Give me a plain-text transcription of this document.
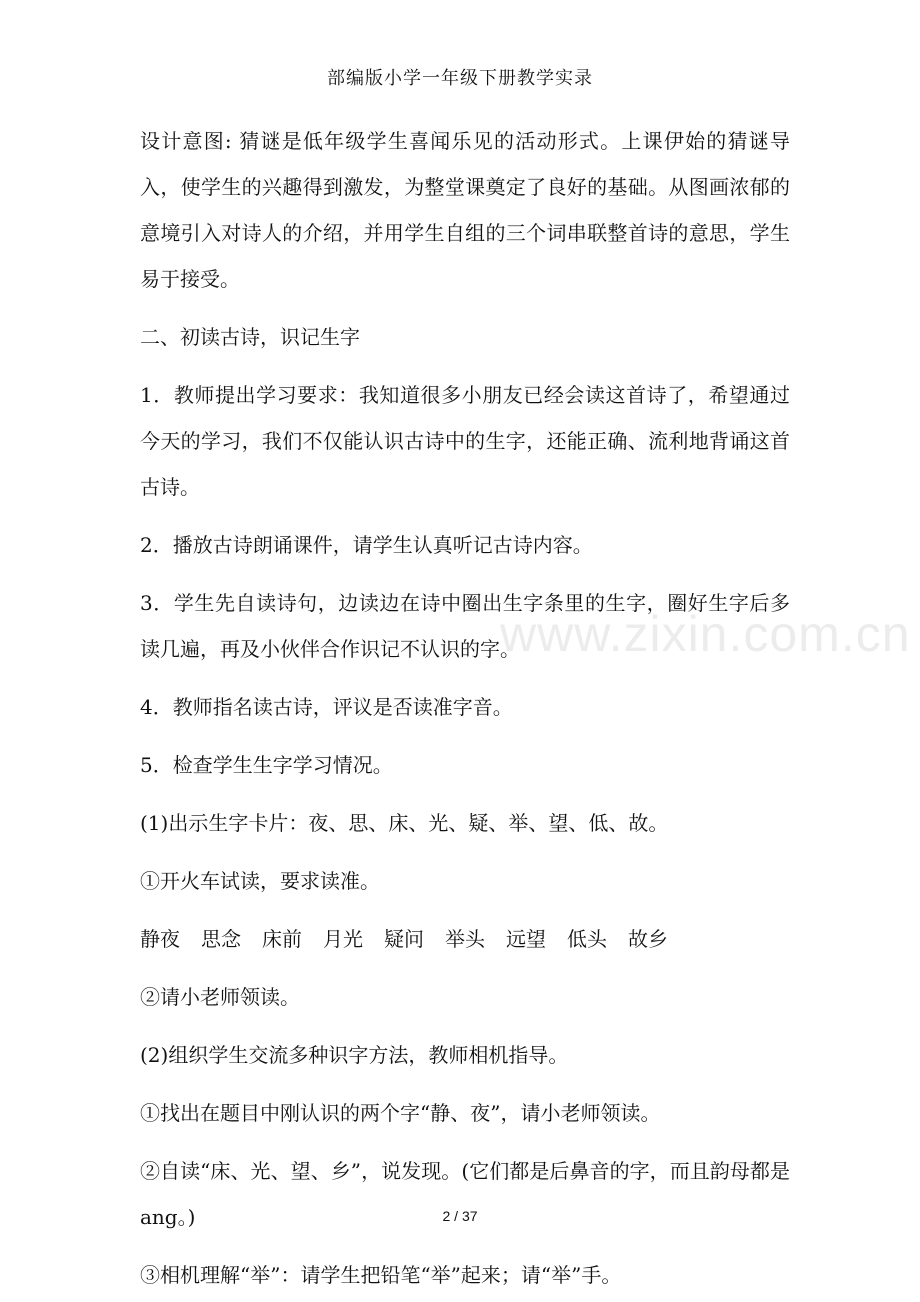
部编版小学一年级下册教学实录

设计意图: 猜谜是低年级学生喜闻乐见的活动形式。上课伊始的猜谜导入，使学生的兴趣得到激发，为整堂课奠定了良好的基础。从图画浓郁的意境引入对诗人的介绍，并用学生自组的三个词串联整首诗的意思，学生易于接受。

二、初读古诗，识记生字

1．教师提出学习要求：我知道很多小朋友已经会读这首诗了，希望通过今天的学习，我们不仅能认识古诗中的生字，还能正确、流利地背诵这首古诗。

2．播放古诗朗诵课件，请学生认真听记古诗内容。

3．学生先自读诗句，边读边在诗中圈出生字条里的生字，圈好生字后多读几遍，再及小伙伴合作识记不认识的字。

4．教师指名读古诗，评议是否读准字音。

5．检查学生生字学习情况。

(1)出示生字卡片：夜、思、床、光、疑、举、望、低、故。

①开火车试读，要求读准。

静夜 思念 床前 月光 疑问 举头 远望 低头 故乡

②请小老师领读。

(2)组织学生交流多种识字方法，教师相机指导。

①找出在题目中刚认识的两个字“静、夜”，请小老师领读。

②自读“床、光、望、乡”，说发现。(它们都是后鼻音的字，而且韵母都是ang。)

③相机理解“举”：请学生把铅笔“举”起来；请“举”手。

www.zixin.com.cn
2 / 37
